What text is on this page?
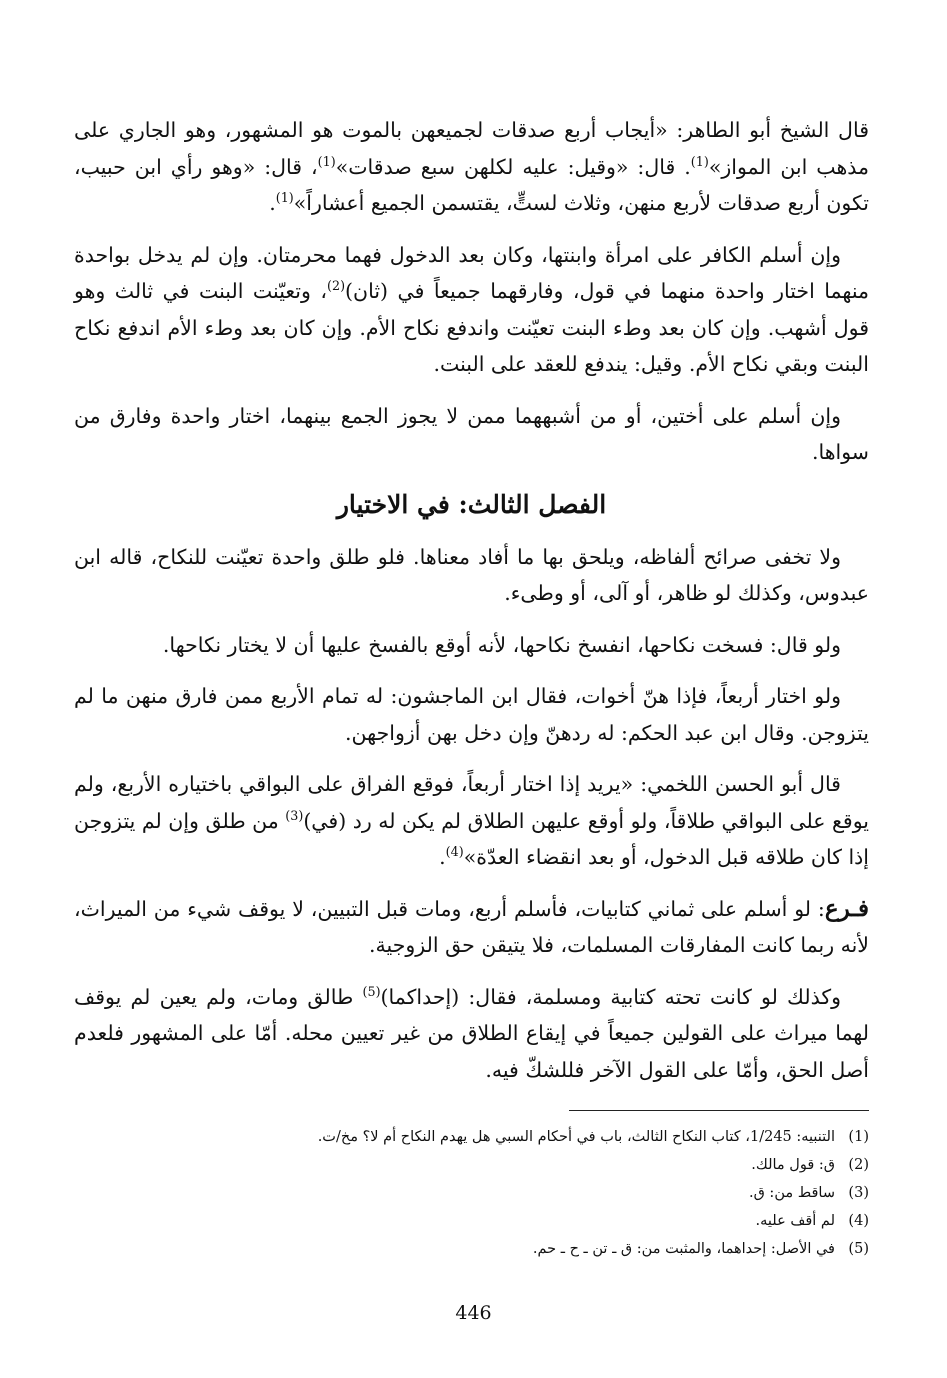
قال الشيخ أبو الطاهر: «أيجاب أربع صدقات لجميعهن بالموت هو المشهور، وهو الجاري على مذهب ابن المواز»$^{(1)}$. قال: «وقيل: عليه لكلهن سبع صدقات»$^{(1)}$، قال: «وهو رأي ابن حبيب، تكون أربع صدقات لأربع منهن، وثلاث لستٍّ، يقتسمن الجميع أعشاراً»$^{(1)}$.

وإن أسلم الكافر على امرأة وابنتها، وكان بعد الدخول فهما محرمتان. وإن لم يدخل بواحدة منهما اختار واحدة منهما في قول، وفارقهما جميعاً في (ثان)$^{(2)}$، وتعيّنت البنت في ثالث وهو قول أشهب. وإن كان بعد وطء البنت تعيّنت واندفع نكاح الأم. وإن كان بعد وطء الأم اندفع نكاح البنت وبقي نكاح الأم. وقيل: يندفع للعقد على البنت.

وإن أسلم على أختين، أو من أشبههما ممن لا يجوز الجمع بينهما، اختار واحدة وفارق من سواها.

الفصل الثالث: في الاختيار

ولا تخفى صرائح ألفاظه، ويلحق بها ما أفاد معناها. فلو طلق واحدة تعيّنت للنكاح، قاله ابن عبدوس، وكذلك لو ظاهر، أو آلى، أو وطىء.

ولو قال: فسخت نكاحها، انفسخ نكاحها، لأنه أوقع بالفسخ عليها أن لا يختار نكاحها.

ولو اختار أربعاً، فإذا هنّ أخوات، فقال ابن الماجشون: له تمام الأربع ممن فارق منهن ما لم يتزوجن. وقال ابن عبد الحكم: له ردهنّ وإن دخل بهن أزواجهن.

قال أبو الحسن اللخمي: «يريد إذا اختار أربعاً، فوقع الفراق على البواقي باختياره الأربع، ولم يوقع على البواقي طلاقاً، ولو أوقع عليهن الطلاق لم يكن له رد (في)$^{(3)}$ من طلق وإن لم يتزوجن إذا كان طلاقه قبل الدخول، أو بعد انقضاء العدّة»$^{(4)}$.

فـرع: لو أسلم على ثماني كتابيات، فأسلم أربع، ومات قبل التبيين، لا يوقف شيء من الميراث، لأنه ربما كانت المفارقات المسلمات، فلا يتيقن حق الزوجية.

وكذلك لو كانت تحته كتابية ومسلمة، فقال: (إحداكما)$^{(5)}$ طالق ومات، ولم يعين لم يوقف لهما ميراث على القولين جميعاً في إيقاع الطلاق من غير تعيين محله. أمّا على المشهور فلعدم أصل الحق، وأمّا على القول الآخر فللشكّ فيه.

(1)
التنبيه: 1/245، كتاب النكاح الثالث، باب في أحكام السبي هل يهدم النكاح أم لا؟ مخ/ت.
(2)
ق: قول مالك.
(3)
ساقط من: ق.
(4)
لم أقف عليه.
(5)
في الأصل: إحداهما، والمثبت من: ق ـ تن ـ ح ـ حم.
446
